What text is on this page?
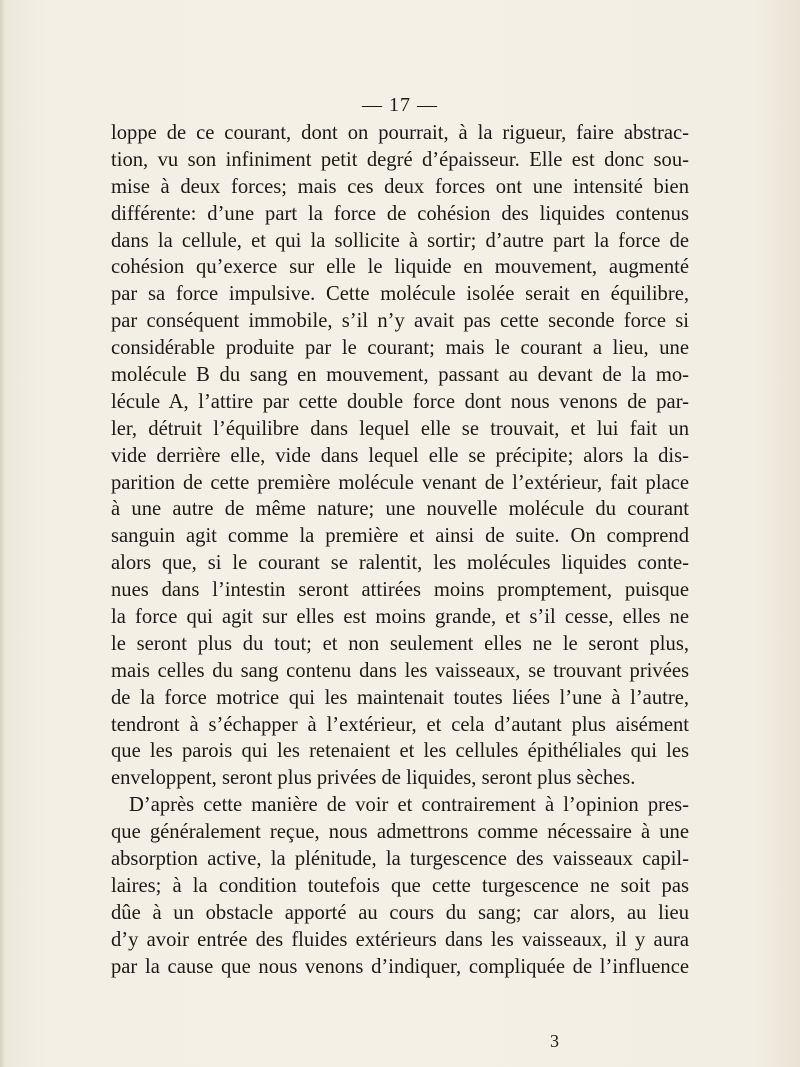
— 17 —
loppe de ce courant, dont on pourrait, à la rigueur, faire abstrac-
tion, vu son infiniment petit degré d’épaisseur. Elle est donc sou-
mise à deux forces; mais ces deux forces ont une intensité bien
différente: d’une part la force de cohésion des liquides contenus
dans la cellule, et qui la sollicite à sortir; d’autre part la force de
cohésion qu’exerce sur elle le liquide en mouvement, augmenté
par sa force impulsive. Cette molécule isolée serait en équilibre,
par conséquent immobile, s’il n’y avait pas cette seconde force si
considérable produite par le courant; mais le courant a lieu, une
molécule B du sang en mouvement, passant au devant de la mo-
lécule A, l’attire par cette double force dont nous venons de par-
ler, détruit l’équilibre dans lequel elle se trouvait, et lui fait un
vide derrière elle, vide dans lequel elle se précipite; alors la dis-
parition de cette première molécule venant de l’extérieur, fait place
à une autre de même nature; une nouvelle molécule du courant
sanguin agit comme la première et ainsi de suite. On comprend
alors que, si le courant se ralentit, les molécules liquides conte-
nues dans l’intestin seront attirées moins promptement, puisque
la force qui agit sur elles est moins grande, et s’il cesse, elles ne
le seront plus du tout; et non seulement elles ne le seront plus,
mais celles du sang contenu dans les vaisseaux, se trouvant privées
de la force motrice qui les maintenait toutes liées l’une à l’autre,
tendront à s’échapper à l’extérieur, et cela d’autant plus aisément
que les parois qui les retenaient et les cellules épithéliales qui les
enveloppent, seront plus privées de liquides, seront plus sèches.
D’après cette manière de voir et contrairement à l’opinion pres-
que généralement reçue, nous admettrons comme nécessaire à une
absorption active, la plénitude, la turgescence des vaisseaux capil-
laires; à la condition toutefois que cette turgescence ne soit pas
dûe à un obstacle apporté au cours du sang; car alors, au lieu
d’y avoir entrée des fluides extérieurs dans les vaisseaux, il y aura
par la cause que nous venons d’indiquer, compliquée de l’influence
3
